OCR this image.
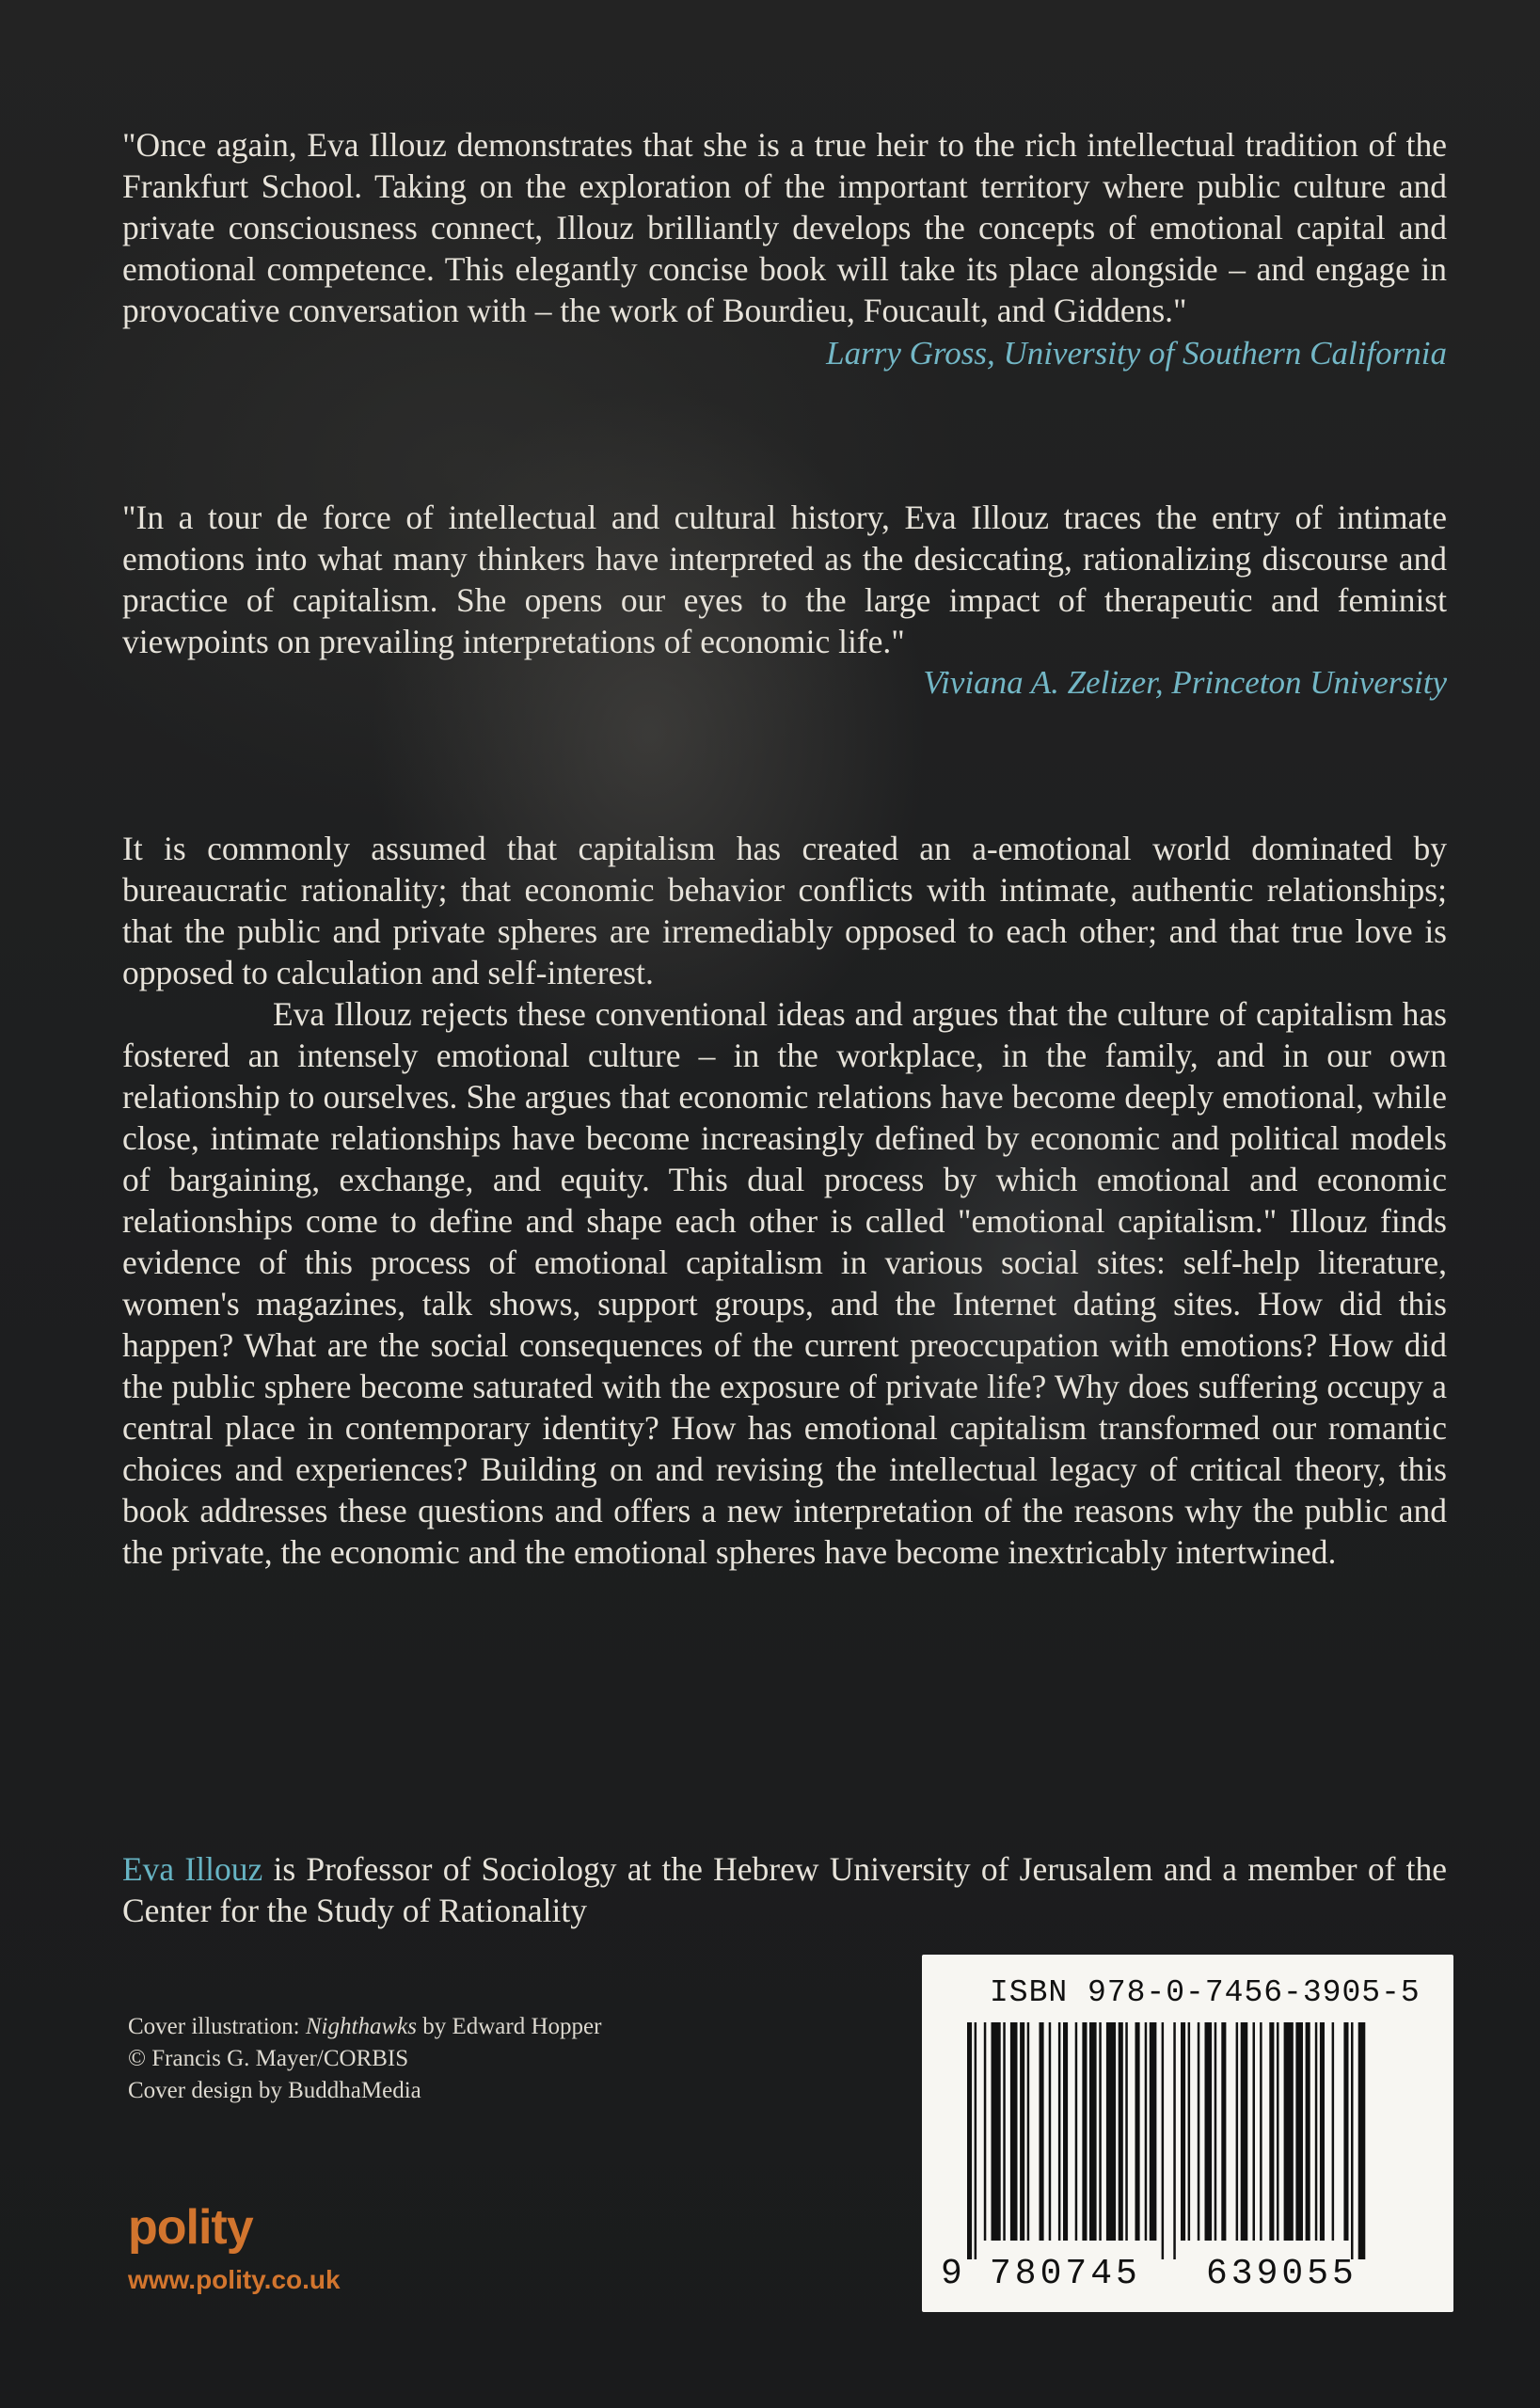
"Once again, Eva Illouz demonstrates that she is a true heir to the rich intellectual tradition of the Frankfurt School. Taking on the exploration of the important territory where public culture and private consciousness connect, Illouz brilliantly develops the concepts of emotional capital and emotional competence. This elegantly concise book will take its place alongside – and engage in provocative conversation with – the work of Bourdieu, Foucault, and Giddens."

Larry Gross, University of Southern California

"In a tour de force of intellectual and cultural history, Eva Illouz traces the entry of intimate emotions into what many thinkers have interpreted as the desiccating, rationalizing discourse and practice of capitalism. She opens our eyes to the large impact of therapeutic and feminist viewpoints on prevailing interpretations of economic life."

Viviana A. Zelizer, Princeton University

It is commonly assumed that capitalism has created an a-emotional world dominated by bureaucratic rationality; that economic behavior conflicts with intimate, authentic relationships; that the public and private spheres are irremediably opposed to each other; and that true love is opposed to calculation and self-interest.

Eva Illouz rejects these conventional ideas and argues that the culture of capitalism has fostered an intensely emotional culture – in the workplace, in the family, and in our own relationship to ourselves. She argues that economic relations have become deeply emotional, while close, intimate relationships have become increasingly defined by economic and political models of bargaining, exchange, and equity. This dual process by which emotional and economic relationships come to define and shape each other is called "emotional capitalism." Illouz finds evidence of this process of emotional capitalism in various social sites: self-help literature, women's magazines, talk shows, support groups, and the Internet dating sites. How did this happen? What are the social consequences of the current preoccupation with emotions? How did the public sphere become saturated with the exposure of private life? Why does suffering occupy a central place in contemporary identity? How has emotional capitalism transformed our romantic choices and experiences? Building on and revising the intellectual legacy of critical theory, this book addresses these questions and offers a new interpretation of the reasons why the public and the private, the economic and the emotional spheres have become inextricably intertwined.

Eva Illouz is Professor of Sociology at the Hebrew University of Jerusalem and a member of the Center for the Study of Rationality

Cover illustration: Nighthawks by Edward Hopper
© Francis G. Mayer/CORBIS
Cover design by BuddhaMedia
polity
www.polity.co.uk
ISBN 978-0-7456-3905-5
9 780745 639055
